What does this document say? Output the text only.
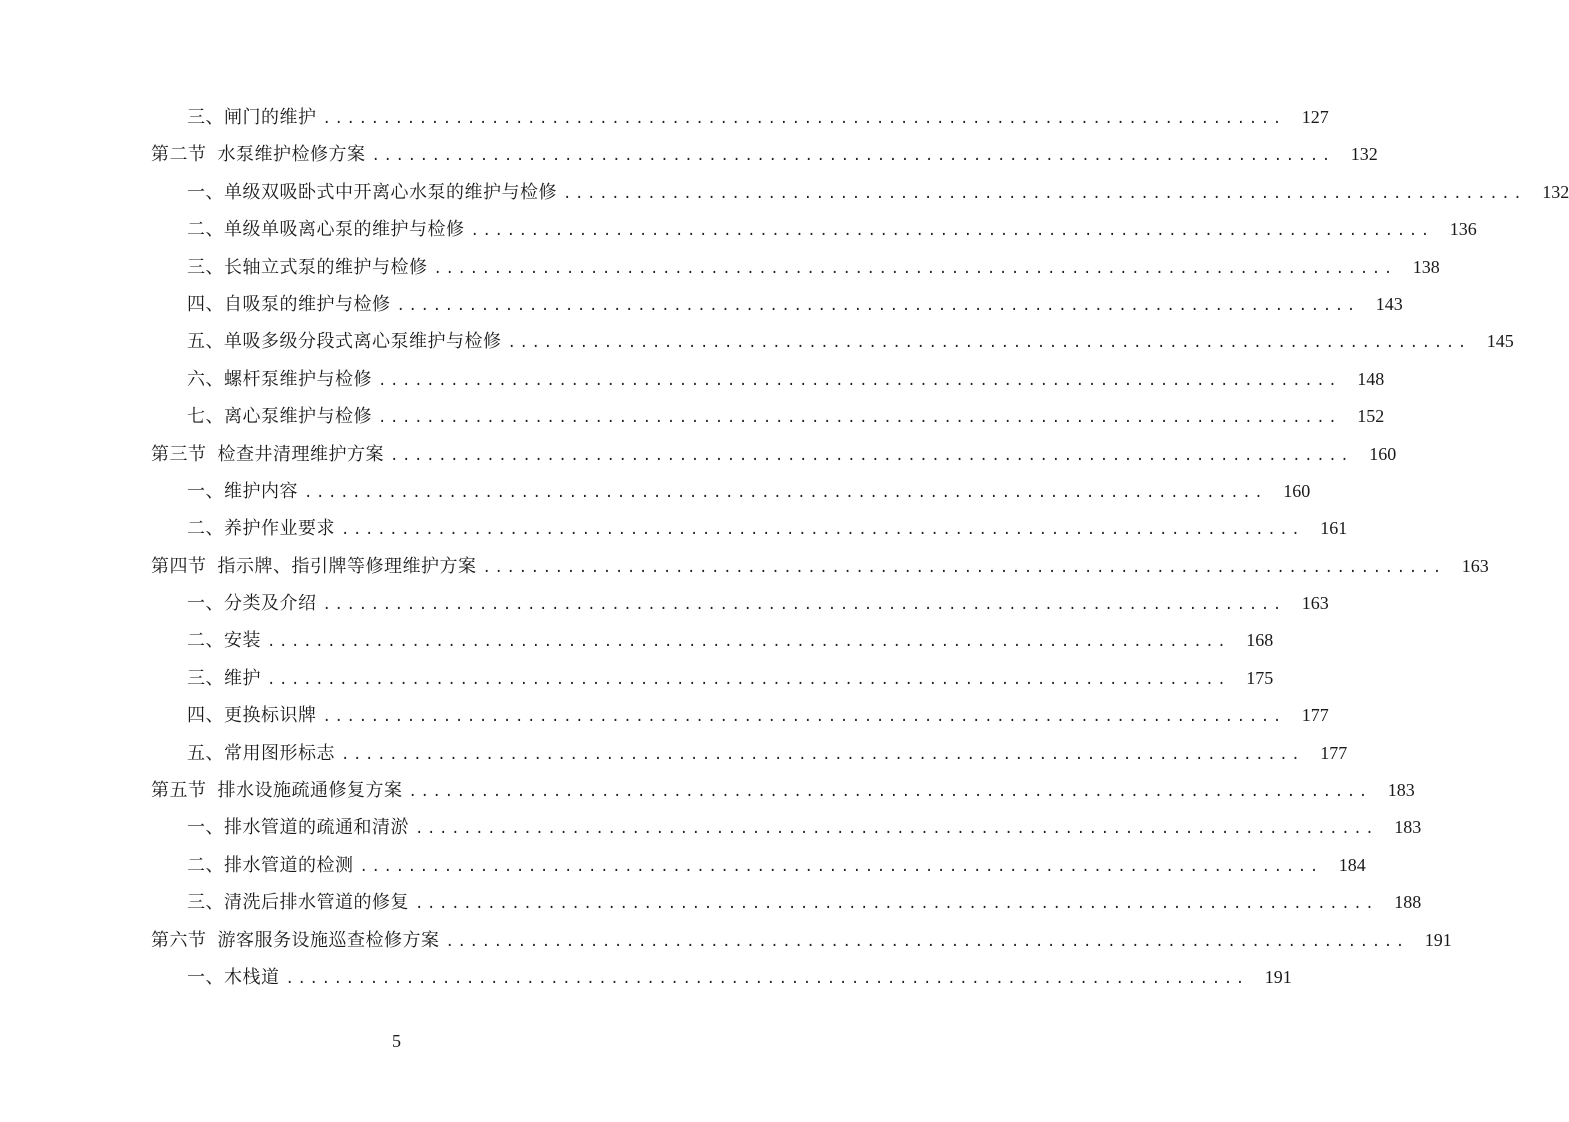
三、闸门的维护 ................................................................................ 127
第二节 水泵维护检修方案 ................................................................................ 132
一、单级双吸卧式中开离心水泵的维护与检修 ................................................................................ 132
二、单级单吸离心泵的维护与检修 ................................................................................ 136
三、长轴立式泵的维护与检修 ................................................................................ 138
四、自吸泵的维护与检修 ................................................................................ 143
五、单吸多级分段式离心泵维护与检修 ................................................................................ 145
六、螺杆泵维护与检修 ................................................................................ 148
七、离心泵维护与检修 ................................................................................ 152
第三节 检查井清理维护方案 ................................................................................ 160
一、维护内容 ................................................................................ 160
二、养护作业要求 ................................................................................ 161
第四节 指示牌、指引牌等修理维护方案 ................................................................................ 163
一、分类及介绍 ................................................................................ 163
二、安装 ................................................................................ 168
三、维护 ................................................................................ 175
四、更换标识牌 ................................................................................ 177
五、常用图形标志 ................................................................................ 177
第五节 排水设施疏通修复方案 ................................................................................ 183
一、排水管道的疏通和清淤 ................................................................................ 183
二、排水管道的检测 ................................................................................ 184
三、清洗后排水管道的修复 ................................................................................ 188
第六节 游客服务设施巡查检修方案 ................................................................................ 191
一、木栈道 ................................................................................ 191
5
